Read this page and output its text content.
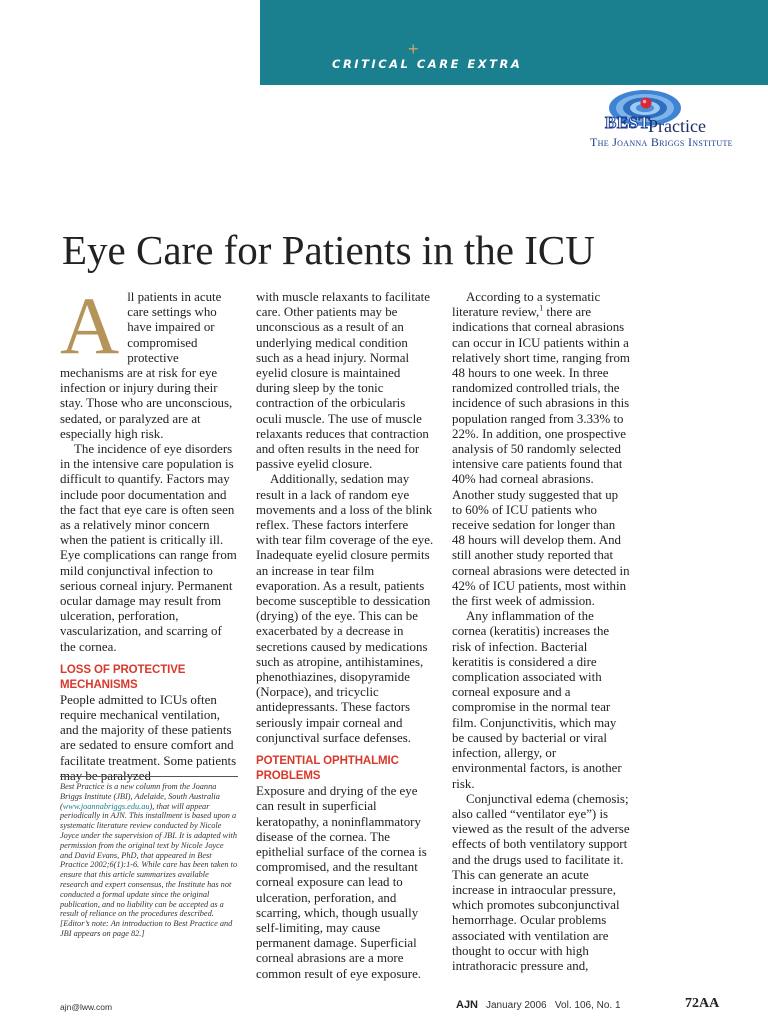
+
CRITICAL CARE EXTRA
BEST
Practice
The Joanna Briggs Institute
Eye Care for Patients in the ICU

All patients in acute care settings who have impaired or compromised protective mechanisms are at risk for eye infection or injury during their stay. Those who are unconscious, sedated, or paralyzed are at especially high risk.

The incidence of eye disorders in the intensive care population is difficult to quantify. Factors may include poor documentation and the fact that eye care is often seen as a relatively minor concern when the patient is critically ill. Eye complications can range from mild conjunctival infection to serious corneal injury. Permanent ocular damage may result from ulceration, perforation, vascularization, and scarring of the cornea.

LOSS OF PROTECTIVE MECHANISMS

People admitted to ICUs often require mechanical ventilation, and the majority of these patients are sedated to ensure comfort and facilitate treatment. Some patients may be paralyzed

with muscle relaxants to facilitate care. Other patients may be unconscious as a result of an underlying medical condition such as a head injury. Normal eyelid closure is maintained during sleep by the tonic contraction of the orbicularis oculi muscle. The use of muscle relaxants reduces that contraction and often results in the need for passive eyelid closure.

Additionally, sedation may result in a lack of random eye movements and a loss of the blink reflex. These factors interfere with tear film coverage of the eye. Inadequate eyelid closure permits an increase in tear film evaporation. As a result, patients become susceptible to dessication (drying) of the eye. This can be exacerbated by a decrease in secretions caused by medications such as atropine, antihistamines, phenothiazines, disopyramide (Norpace), and tricyclic antidepressants. These factors seriously impair corneal and conjunctival surface defenses.

POTENTIAL OPHTHALMIC PROBLEMS

Exposure and drying of the eye can result in superficial keratopathy, a noninflammatory disease of the cornea. The epithelial surface of the cornea is compromised, and the resultant corneal exposure can lead to ulceration, perforation, and scarring, which, though usually self-limiting, may cause permanent damage. Superficial corneal abrasions are a more common result of eye exposure.

According to a systematic literature review,$^1$ there are indications that corneal abrasions can occur in ICU patients within a relatively short time, ranging from 48 hours to one week. In three randomized controlled trials, the incidence of such abrasions in this population ranged from 3.33% to 22%. In addition, one prospective analysis of 50 randomly selected intensive care patients found that 40% had corneal abrasions. Another study suggested that up to 60% of ICU patients who receive sedation for longer than 48 hours will develop them. And still another study reported that corneal abrasions were detected in 42% of ICU patients, most within the first week of admission.

Any inflammation of the cornea (keratitis) increases the risk of infection. Bacterial keratitis is considered a dire complication associated with corneal exposure and a compromise in the normal tear film. Conjunctivitis, which may be caused by bacterial or viral infection, allergy, or environmental factors, is another risk.

Conjunctival edema (chemosis; also called “ventilator eye”) is viewed as the result of the adverse effects of both ventilatory support and the drugs used to facilitate it. This can generate an acute increase in intraocular pressure, which promotes subconjunctival hemorrhage. Ocular problems associated with ventilation are thought to occur with high intrathoracic pressure and,

Best Practice is a new column from the Joanna Briggs Institute (JBI), Adelaide, South Australia (www.joannabriggs.edu.au), that will appear periodically in AJN. This installment is based upon a systematic literature review conducted by Nicole Joyce under the supervision of JBI. It is adapted with permission from the original text by Nicole Joyce and David Evans, PhD, that appeared in Best Practice 2002;6(1):1-6. While care has been taken to ensure that this article summarizes available research and expert consensus, the Institute has not conducted a formal update since the original publication, and no liability can be accepted as a result of reliance on the procedures described. [Editor’s note: An introduction to Best Practice and JBI appears on page 82.]

ajn@lww.com	AJN January 2006   Vol. 106, No. 1	72AA
